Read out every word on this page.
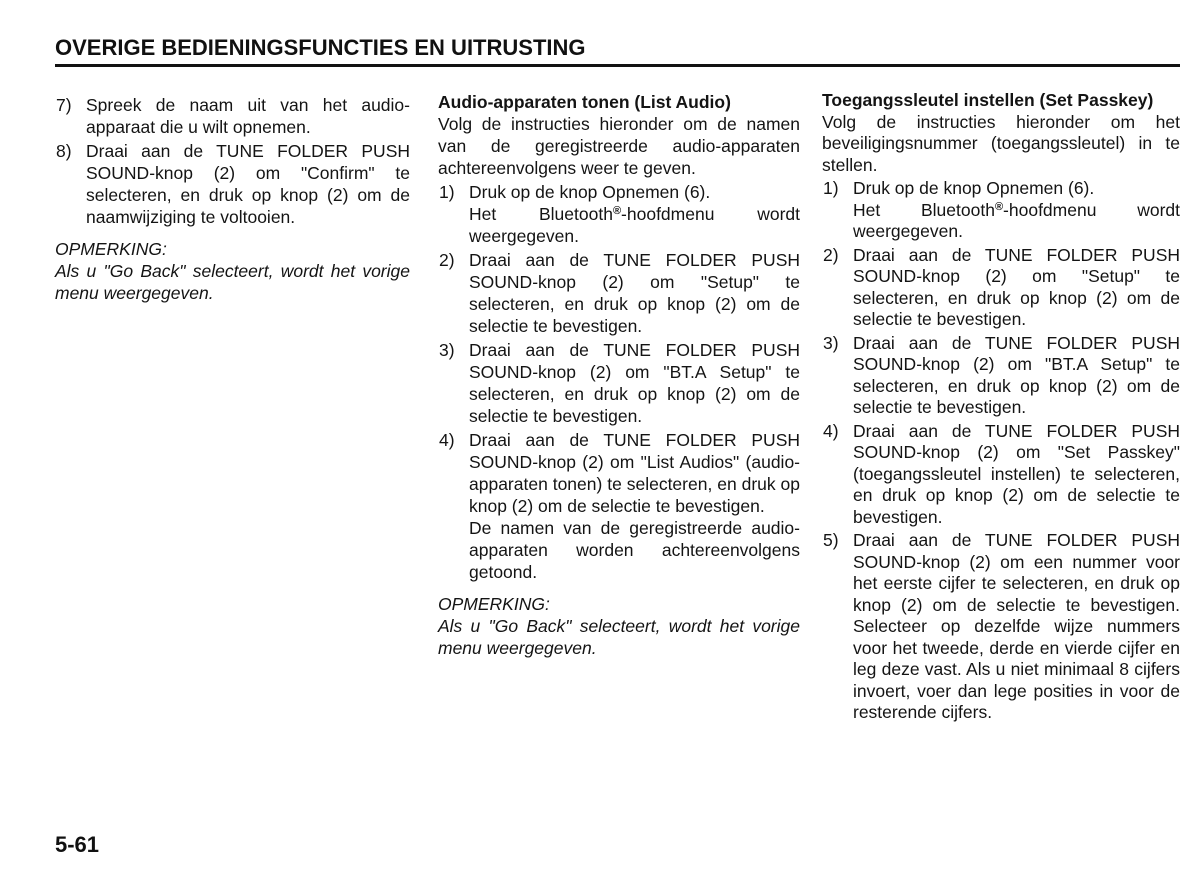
OVERIGE BEDIENINGSFUNCTIES EN UITRUSTING
7) Spreek de naam uit van het audio-apparaat die u wilt opnemen.

8) Draai aan de TUNE FOLDER PUSH SOUND-knop (2) om "Confirm" te selecteren, en druk op knop (2) om de naamwijziging te voltooien.

OPMERKING:

Als u "Go Back" selecteert, wordt het vorige menu weergegeven.

Audio-apparaten tonen (List Audio)

Volg de instructies hieronder om de namen van de geregistreerde audio-apparaten achtereenvolgens weer te geven.

1) Druk op de knop Opnemen (6).

Het Bluetooth®-hoofdmenu wordt weergegeven.

2) Draai aan de TUNE FOLDER PUSH SOUND-knop (2) om "Setup" te selecteren, en druk op knop (2) om de selectie te bevestigen.

3) Draai aan de TUNE FOLDER PUSH SOUND-knop (2) om "BT.A Setup" te selecteren, en druk op knop (2) om de selectie te bevestigen.

4) Draai aan de TUNE FOLDER PUSH SOUND-knop (2) om "List Audios" (audio-apparaten tonen) te selecteren, en druk op knop (2) om de selectie te bevestigen.

De namen van de geregistreerde audio-apparaten worden achtereenvolgens getoond.

OPMERKING:

Als u "Go Back" selecteert, wordt het vorige menu weergegeven.

Toegangssleutel instellen (Set Passkey)

Volg de instructies hieronder om het beveiligingsnummer (toegangssleutel) in te stellen.

1) Druk op de knop Opnemen (6).

Het Bluetooth®-hoofdmenu wordt weergegeven.

2) Draai aan de TUNE FOLDER PUSH SOUND-knop (2) om "Setup" te selecteren, en druk op knop (2) om de selectie te bevestigen.

3) Draai aan de TUNE FOLDER PUSH SOUND-knop (2) om "BT.A Setup" te selecteren, en druk op knop (2) om de selectie te bevestigen.

4) Draai aan de TUNE FOLDER PUSH SOUND-knop (2) om "Set Passkey" (toegangssleutel instellen) te selecteren, en druk op knop (2) om de selectie te bevestigen.

5) Draai aan de TUNE FOLDER PUSH SOUND-knop (2) om een nummer voor het eerste cijfer te selecteren, en druk op knop (2) om de selectie te bevestigen. Selecteer op dezelfde wijze nummers voor het tweede, derde en vierde cijfer en leg deze vast. Als u niet minimaal 8 cijfers invoert, voer dan lege posities in voor de resterende cijfers.

5-61
